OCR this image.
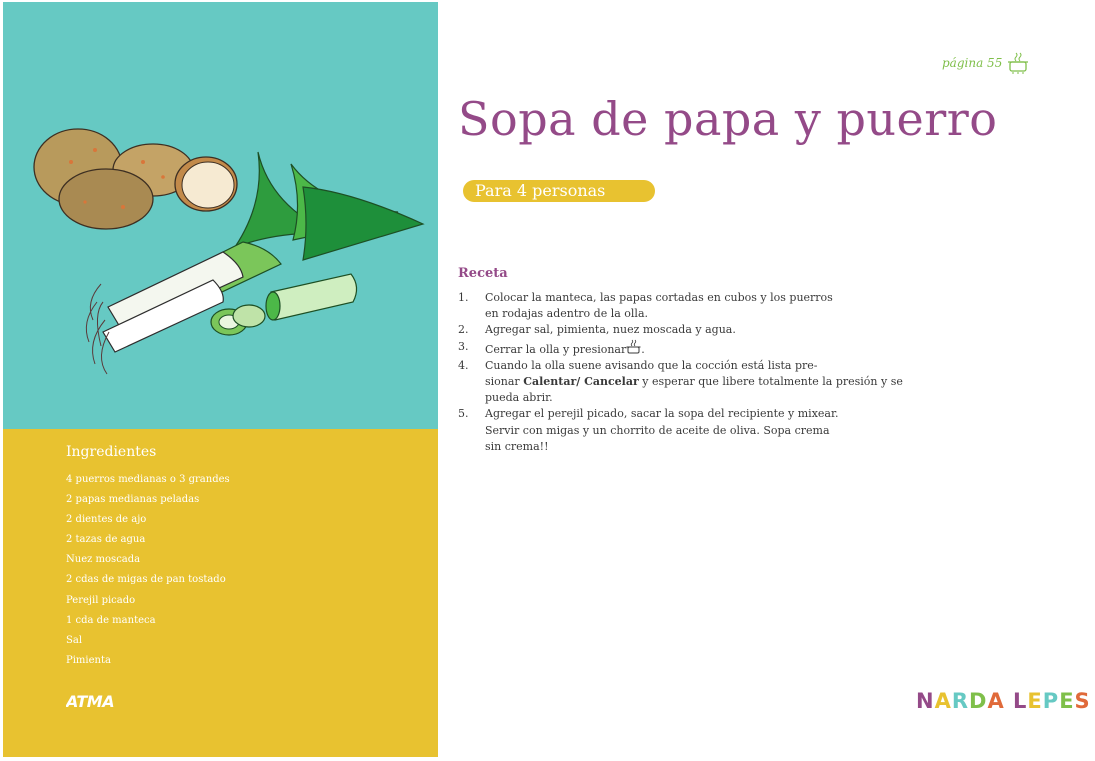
Ingredientes
4 puerros medianas o 3 grandes
2 papas medianas peladas
2 dientes de ajo
2 tazas de agua
Nuez moscada
2 cdas de migas de pan tostado
Perejil picado
1 cda de manteca
Sal
Pimienta
ATMA
página 55
Sopa de papa y puerro
Para 4 personas
Receta
1. Colocar la manteca, las papas cortadas en cubos y los puerros
en rodajas adentro de la olla.
2. Agregar sal, pimienta, nuez moscada y agua.
3. Cerrar la olla y presionar .
4. Cuando la olla suene avisando que la cocción está lista pre-
sionar Calentar/ Cancelar y esperar que libere totalmente la presión y se
pueda abrir.
5. Agregar el perejil picado, sacar la sopa del recipiente y mixear.
Servir con migas y un chorrito de aceite de oliva. Sopa crema
sin crema!!
NARDA LEPES
